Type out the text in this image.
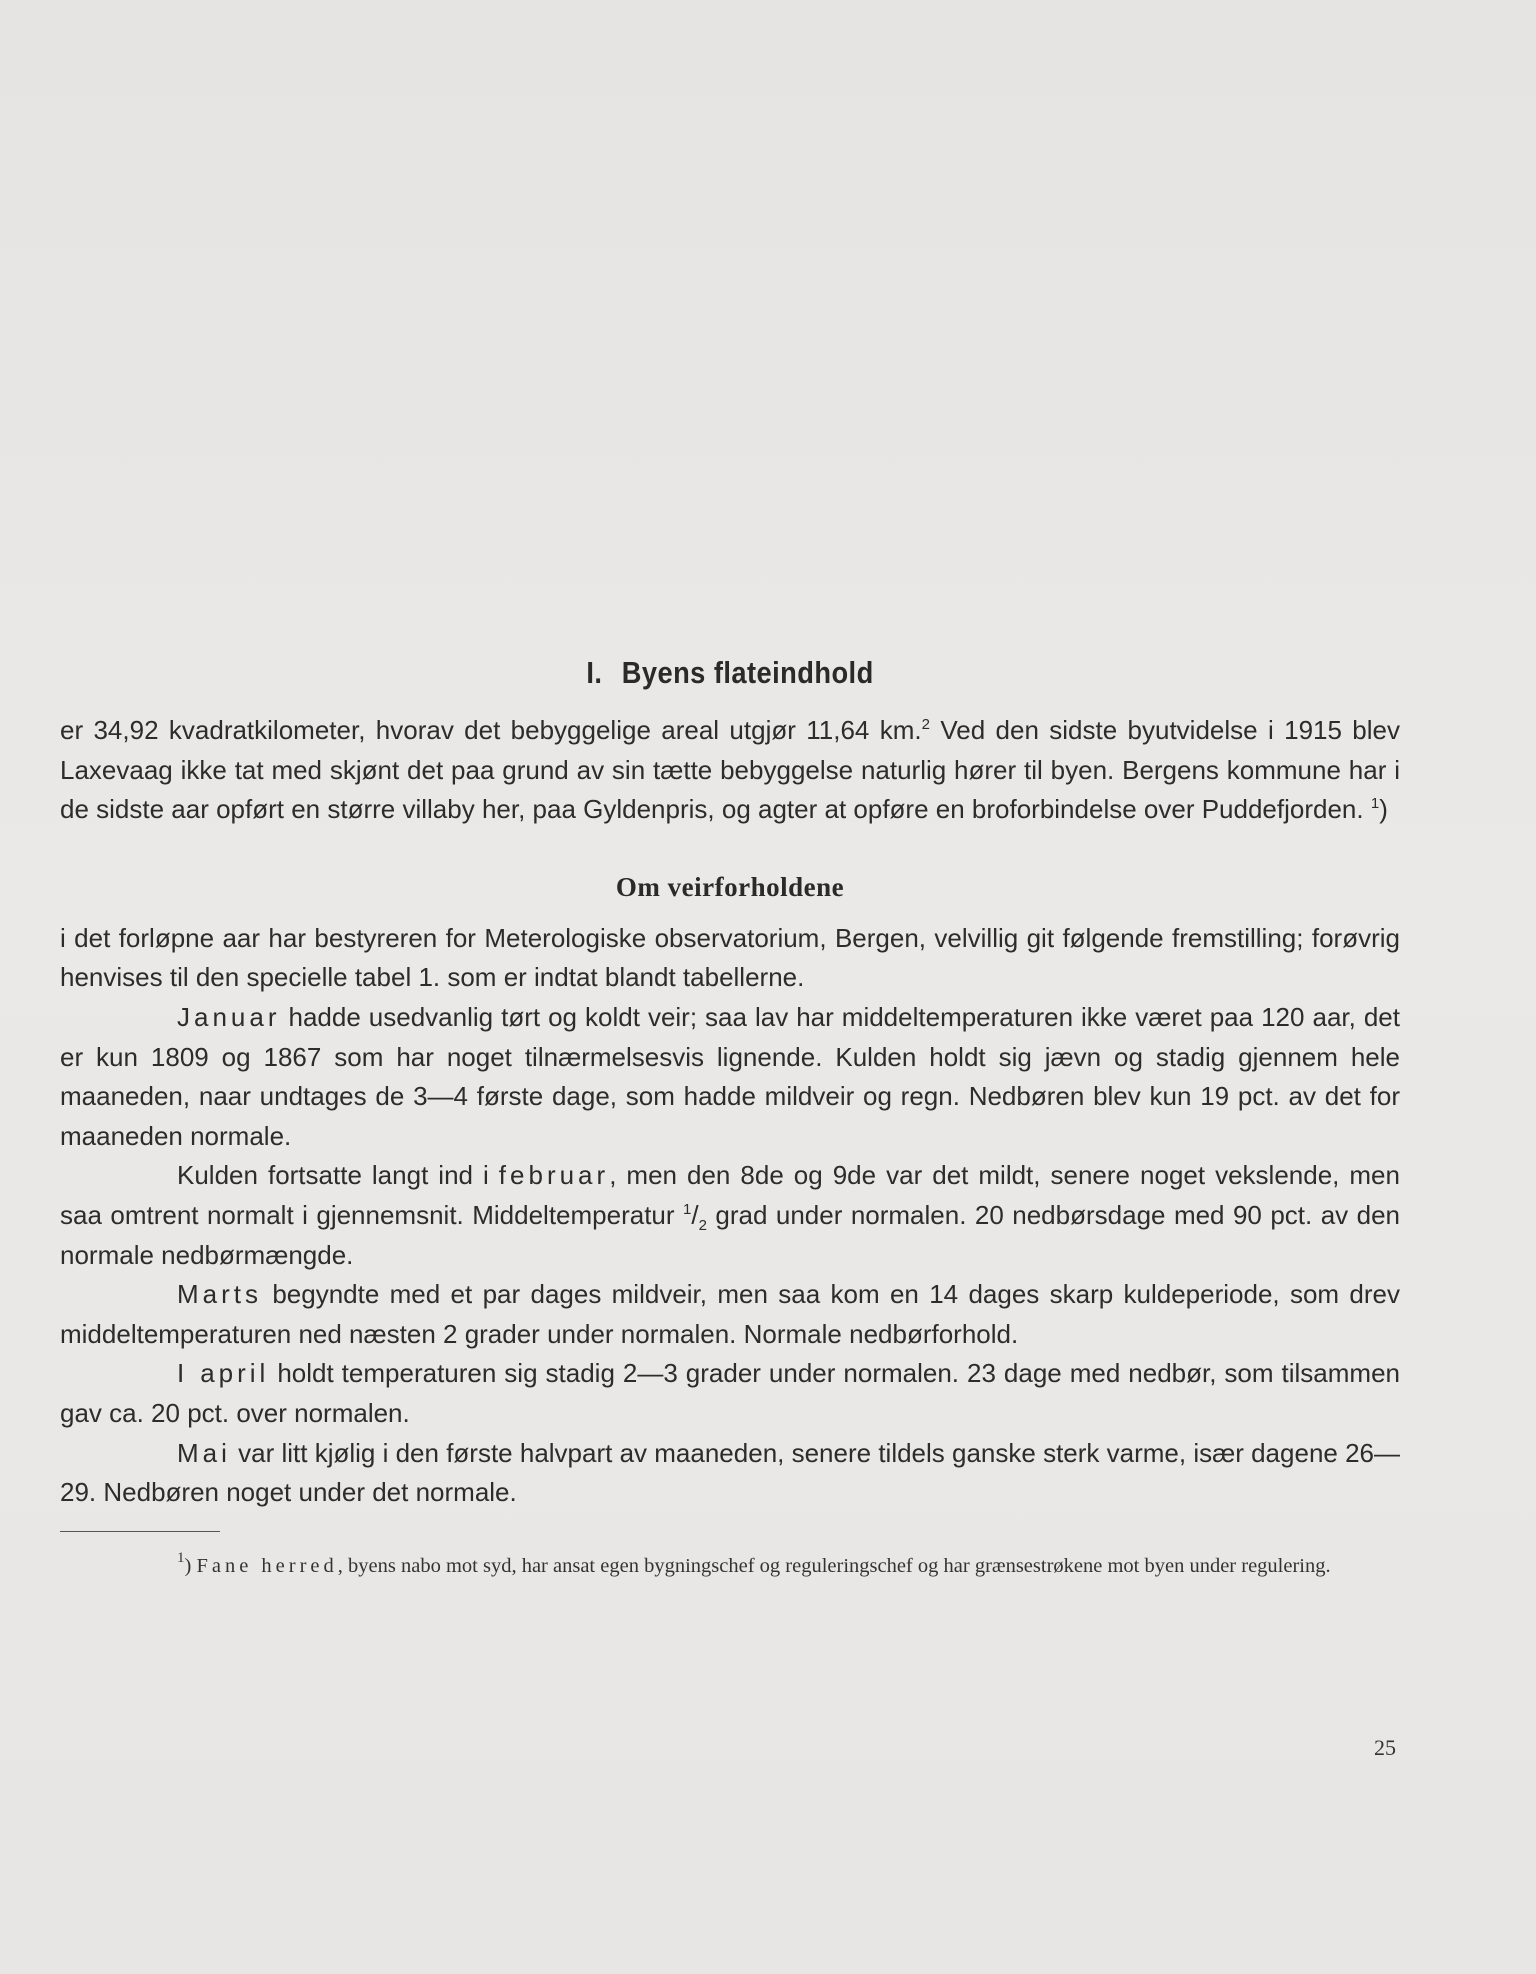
I. Byens flateindhold

er 34,92 kvadratkilometer, hvorav det bebyggelige areal utgjør 11,64 km.$^2$ Ved den sidste byutvidelse i 1915 blev Laxevaag ikke tat med skjønt det paa grund av sin tætte bebyggelse naturlig hører til byen. Bergens kommune har i de sidste aar opført en større villaby her, paa Gyldenpris, og agter at opføre en broforbindelse over Puddefjorden. $^1$)

Om veirforholdene

i det forløpne aar har bestyreren for Meterologiske observatorium, Bergen, velvillig git følgende fremstilling; forøvrig henvises til den specielle tabel 1. som er indtat blandt tabellerne.

Januar hadde usedvanlig tørt og koldt veir; saa lav har middeltemperaturen ikke været paa 120 aar, det er kun 1809 og 1867 som har noget tilnærmelsesvis lignende. Kulden holdt sig jævn og stadig gjennem hele maaneden, naar undtages de 3—4 første dage, som hadde mildveir og regn. Nedbøren blev kun 19 pct. av det for maaneden normale.

Kulden fortsatte langt ind i februar, men den 8de og 9de var det mildt, senere noget vekslende, men saa omtrent normalt i gjennemsnit. Middeltemperatur $^1/_2$ grad under normalen. 20 nedbørsdage med 90 pct. av den normale nedbørmængde.

Marts begyndte med et par dages mildveir, men saa kom en 14 dages skarp kuldeperiode, som drev middeltemperaturen ned næsten 2 grader under normalen. Normale nedbørforhold.

I april holdt temperaturen sig stadig 2—3 grader under normalen. 23 dage med nedbør, som tilsammen gav ca. 20 pct. over normalen.

Mai var litt kjølig i den første halvpart av maaneden, senere tildels ganske sterk varme, især dagene 26—29. Nedbøren noget under det normale.

$^1$) Fane herred, byens nabo mot syd, har ansat egen bygningschef og reguleringschef og har grænsestrøkene mot byen under regulering.
25
